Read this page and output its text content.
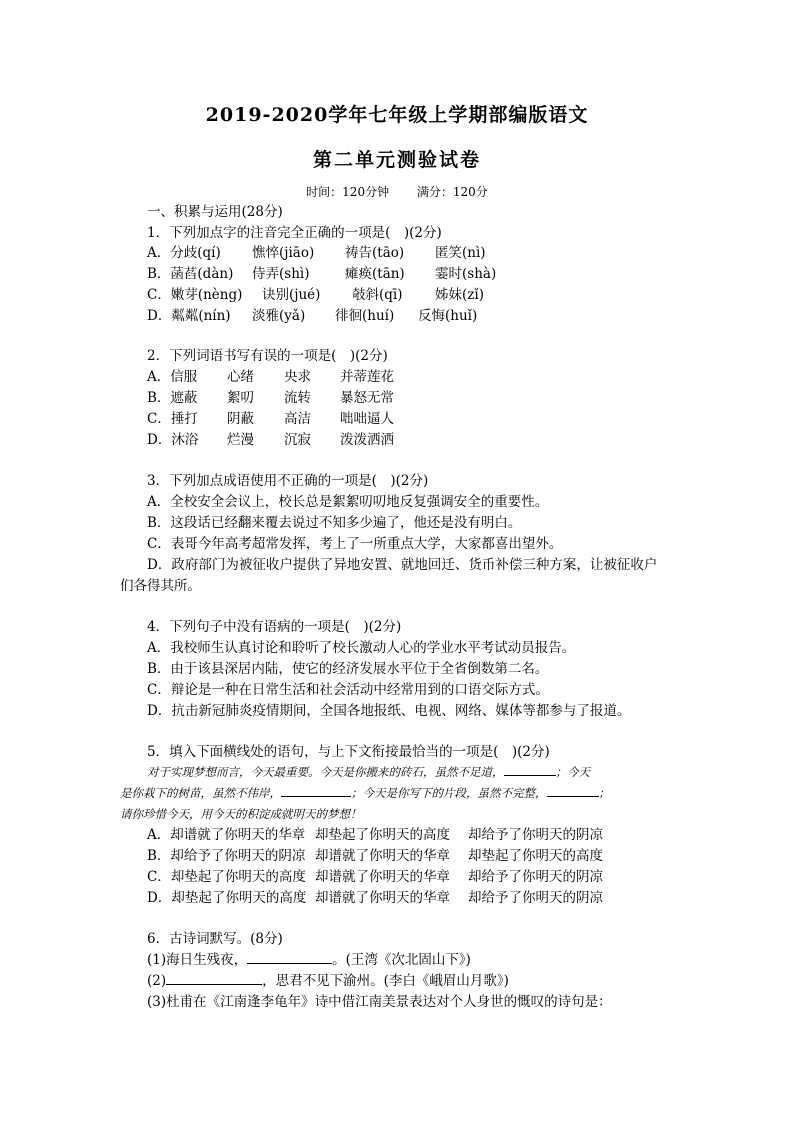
2019-2020学年七年级上学期部编版语文
第二单元测验试卷
时间：120分钟 满分：120分
一、积累与运用(28分)
1．下列加点字的注音完全正确的一项是(　)(2分)
A．分歧(qí) 憔悴(jiāo) 祷告(tāo) 匿笑(nì)
B．菡萏(dàn) 侍弄(shì)	瘫痪(tān) 霎时(shà)
C．嫩芽(nèng) 诀别(jué) 攲斜(qī) 姊妹(zǐ)
D．粼粼(nín) 淡雅(yǎ) 徘徊(huí) 反悔(huǐ)
2．下列词语书写有误的一项是(　)(2分)
A．信服 心绪 央求 并蒂莲花
B．遮蔽 絮叨 流转 暴怒无常
C．捶打 阴蔽 高洁 咄咄逼人
D．沐浴 烂漫 沉寂 泼泼洒洒
3．下列加点成语使用不正确的一项是(　)(2分)
A．全校安全会议上，校长总是絮絮叨叨地反复强调安全的重要性。
B．这段话已经翻来覆去说过不知多少遍了，他还是没有明白。
C．表哥今年高考超常发挥，考上了一所重点大学，大家都喜出望外。
D．政府部门为被征收户提供了异地安置、就地回迁、货币补偿三种方案，让被征收户
们各得其所。
4．下列句子中没有语病的一项是(　)(2分)
A．我校师生认真讨论和聆听了校长激动人心的学业水平考试动员报告。
B．由于该县深居内陆，使它的经济发展水平位于全省倒数第二名。
C．辩论是一种在日常生活和社会活动中经常用到的口语交际方式。
D．抗击新冠肺炎疫情期间，全国各地报纸、电视、网络、媒体等都参与了报道。
5．填入下面横线处的语句，与上下文衔接最恰当的一项是(　)(2分)

对于实现梦想而言，今天最重要。今天是你搬来的砖石，虽然不足道，	；今天

是你栽下的树苗，虽然不伟岸，	；今天是你写下的片段，虽然不完整，	；

请你珍惜今天，用今天的积淀成就明天的梦想！

A．却谱就了你明天的华章 却垫起了你明天的高度 却给予了你明天的阴凉
B．却给予了你明天的阴凉 却谱就了你明天的华章 却垫起了你明天的高度
C．却垫起了你明天的高度 却谱就了你明天的华章 却给予了你明天的阴凉
D．却垫起了你明天的高度 却谱就了你明天的华章 却给予了你明天的阴凉
6．古诗词默写。(8分)
(1)海日生残夜，	。(王湾《次北固山下》)
(2)	，思君不见下渝州。(李白《峨眉山月歌》)
(3)杜甫在《江南逢李龟年》诗中借江南美景表达对个人身世的慨叹的诗句是：
